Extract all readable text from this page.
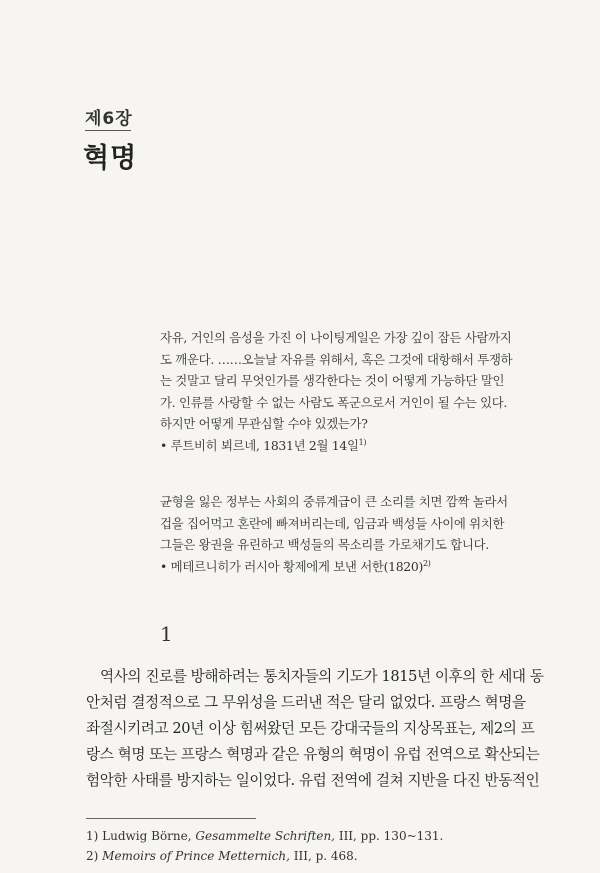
제6장
혁명
자유, 거인의 음성을 가진 이 나이팅게일은 가장 깊이 잠든 사람까지
도 깨운다. ……오늘날 자유를 위해서, 혹은 그것에 대항해서 투쟁하
는 것말고 달리 무엇인가를 생각한다는 것이 어떻게 가능하단 말인
가. 인류를 사랑할 수 없는 사람도 폭군으로서 거인이 될 수는 있다.
하지만 어떻게 무관심할 수야 있겠는가?
• 루트비히 뵈르네, 1831년 2월 14일$^{1)}$
균형을 잃은 정부는 사회의 중류계급이 큰 소리를 치면 깜짝 놀라서
겁을 집어먹고 혼란에 빠져버리는데, 임금과 백성들 사이에 위치한
그들은 왕권을 유린하고 백성들의 목소리를 가로채기도 합니다.
• 메테르니히가 러시아 황제에게 보낸 서한$(1820)^{2)}$
1
역사의 진로를 방해하려는 통치자들의 기도가 1815년 이후의 한 세대 동
안처럼 결정적으로 그 무위성을 드러낸 적은 달리 없었다. 프랑스 혁명을
좌절시키려고 20년 이상 힘써왔던 모든 강대국들의 지상목표는, 제2의 프
랑스 혁명 또는 프랑스 혁명과 같은 유형의 혁명이 유럽 전역으로 확산되는
험악한 사태를 방지하는 일이었다. 유럽 전역에 걸쳐 지반을 다진 반동적인
1) Ludwig Börne, Gesammelte Schriften, III, pp. 130~131.
2) Memoirs of Prince Metternich, III, p. 468.
